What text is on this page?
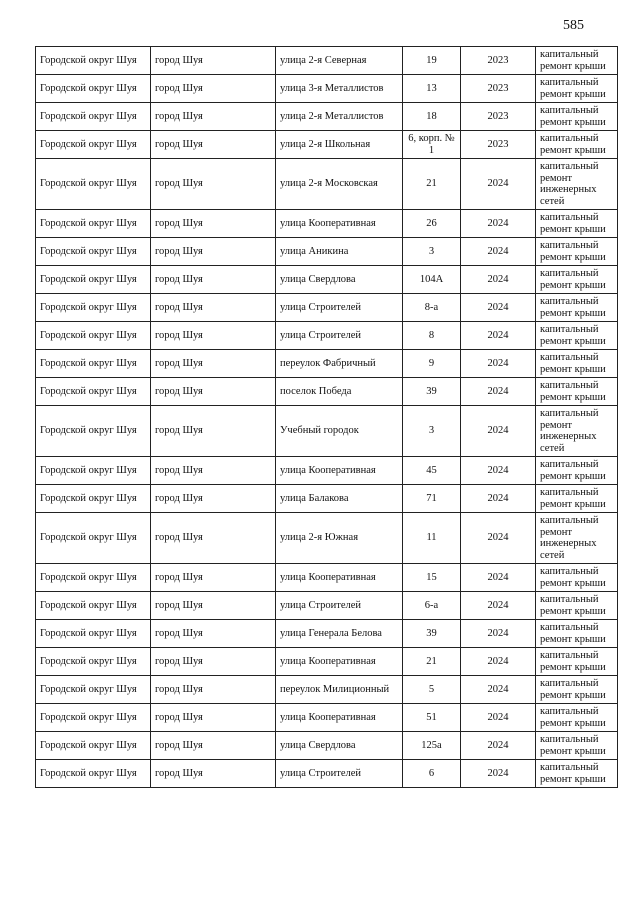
585
Городской округ Шуя	город Шуя	улица 2-я Северная	19	2023	капитальный ремонт крыши
Городской округ Шуя	город Шуя	улица 3-я Металлистов	13	2023	капитальный ремонт крыши
Городской округ Шуя	город Шуя	улица 2-я Металлистов	18	2023	капитальный ремонт крыши
Городской округ Шуя	город Шуя	улица 2-я Школьная	6, корп. № 1	2023	капитальный ремонт крыши
Городской округ Шуя	город Шуя	улица 2-я Московская	21	2024	капитальный ремонт инженерных сетей
Городской округ Шуя	город Шуя	улица Кооперативная	26	2024	капитальный ремонт крыши
Городской округ Шуя	город Шуя	улица Аникина	3	2024	капитальный ремонт крыши
Городской округ Шуя	город Шуя	улица Свердлова	104А	2024	капитальный ремонт крыши
Городской округ Шуя	город Шуя	улица Строителей	8-а	2024	капитальный ремонт крыши
Городской округ Шуя	город Шуя	улица Строителей	8	2024	капитальный ремонт крыши
Городской округ Шуя	город Шуя	переулок Фабричный	9	2024	капитальный ремонт крыши
Городской округ Шуя	город Шуя	поселок Победа	39	2024	капитальный ремонт крыши
Городской округ Шуя	город Шуя	Учебный городок	3	2024	капитальный ремонт инженерных сетей
Городской округ Шуя	город Шуя	улица Кооперативная	45	2024	капитальный ремонт крыши
Городской округ Шуя	город Шуя	улица Балакова	71	2024	капитальный ремонт крыши
Городской округ Шуя	город Шуя	улица 2-я Южная	11	2024	капитальный ремонт инженерных сетей
Городской округ Шуя	город Шуя	улица Кооперативная	15	2024	капитальный ремонт крыши
Городской округ Шуя	город Шуя	улица Строителей	6-а	2024	капитальный ремонт крыши
Городской округ Шуя	город Шуя	улица Генерала Белова	39	2024	капитальный ремонт крыши
Городской округ Шуя	город Шуя	улица Кооперативная	21	2024	капитальный ремонт крыши
Городской округ Шуя	город Шуя	переулок Милиционный	5	2024	капитальный ремонт крыши
Городской округ Шуя	город Шуя	улица Кооперативная	51	2024	капитальный ремонт крыши
Городской округ Шуя	город Шуя	улица Свердлова	125а	2024	капитальный ремонт крыши
Городской округ Шуя	город Шуя	улица Строителей	6	2024	капитальный ремонт крыши
